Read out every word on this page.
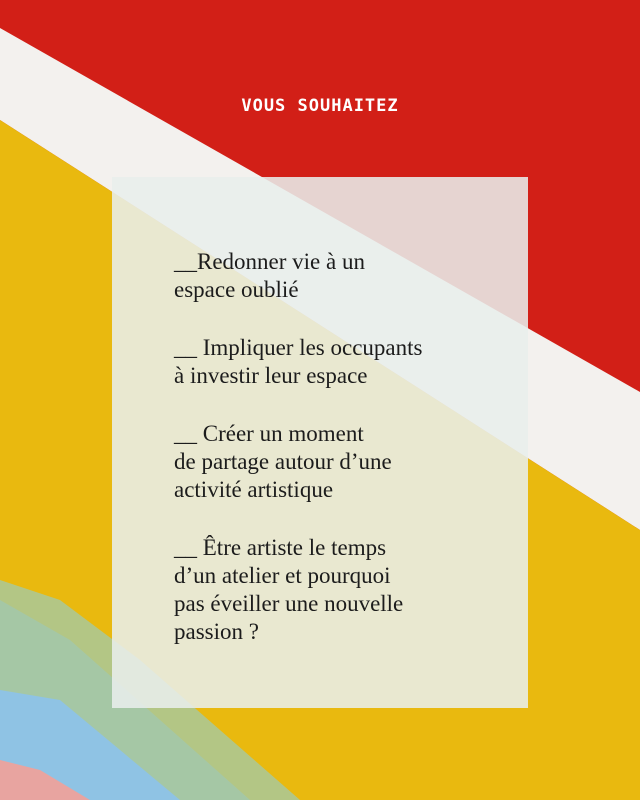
VOUS SOUHAITEZ
__Redonner vie à un
espace oublié
__ Impliquer les occupants
à investir leur espace
__ Créer un moment
de partage autour d’une
activité artistique
__ Être artiste le temps
d’un atelier et pourquoi
pas éveiller une nouvelle
passion ?
